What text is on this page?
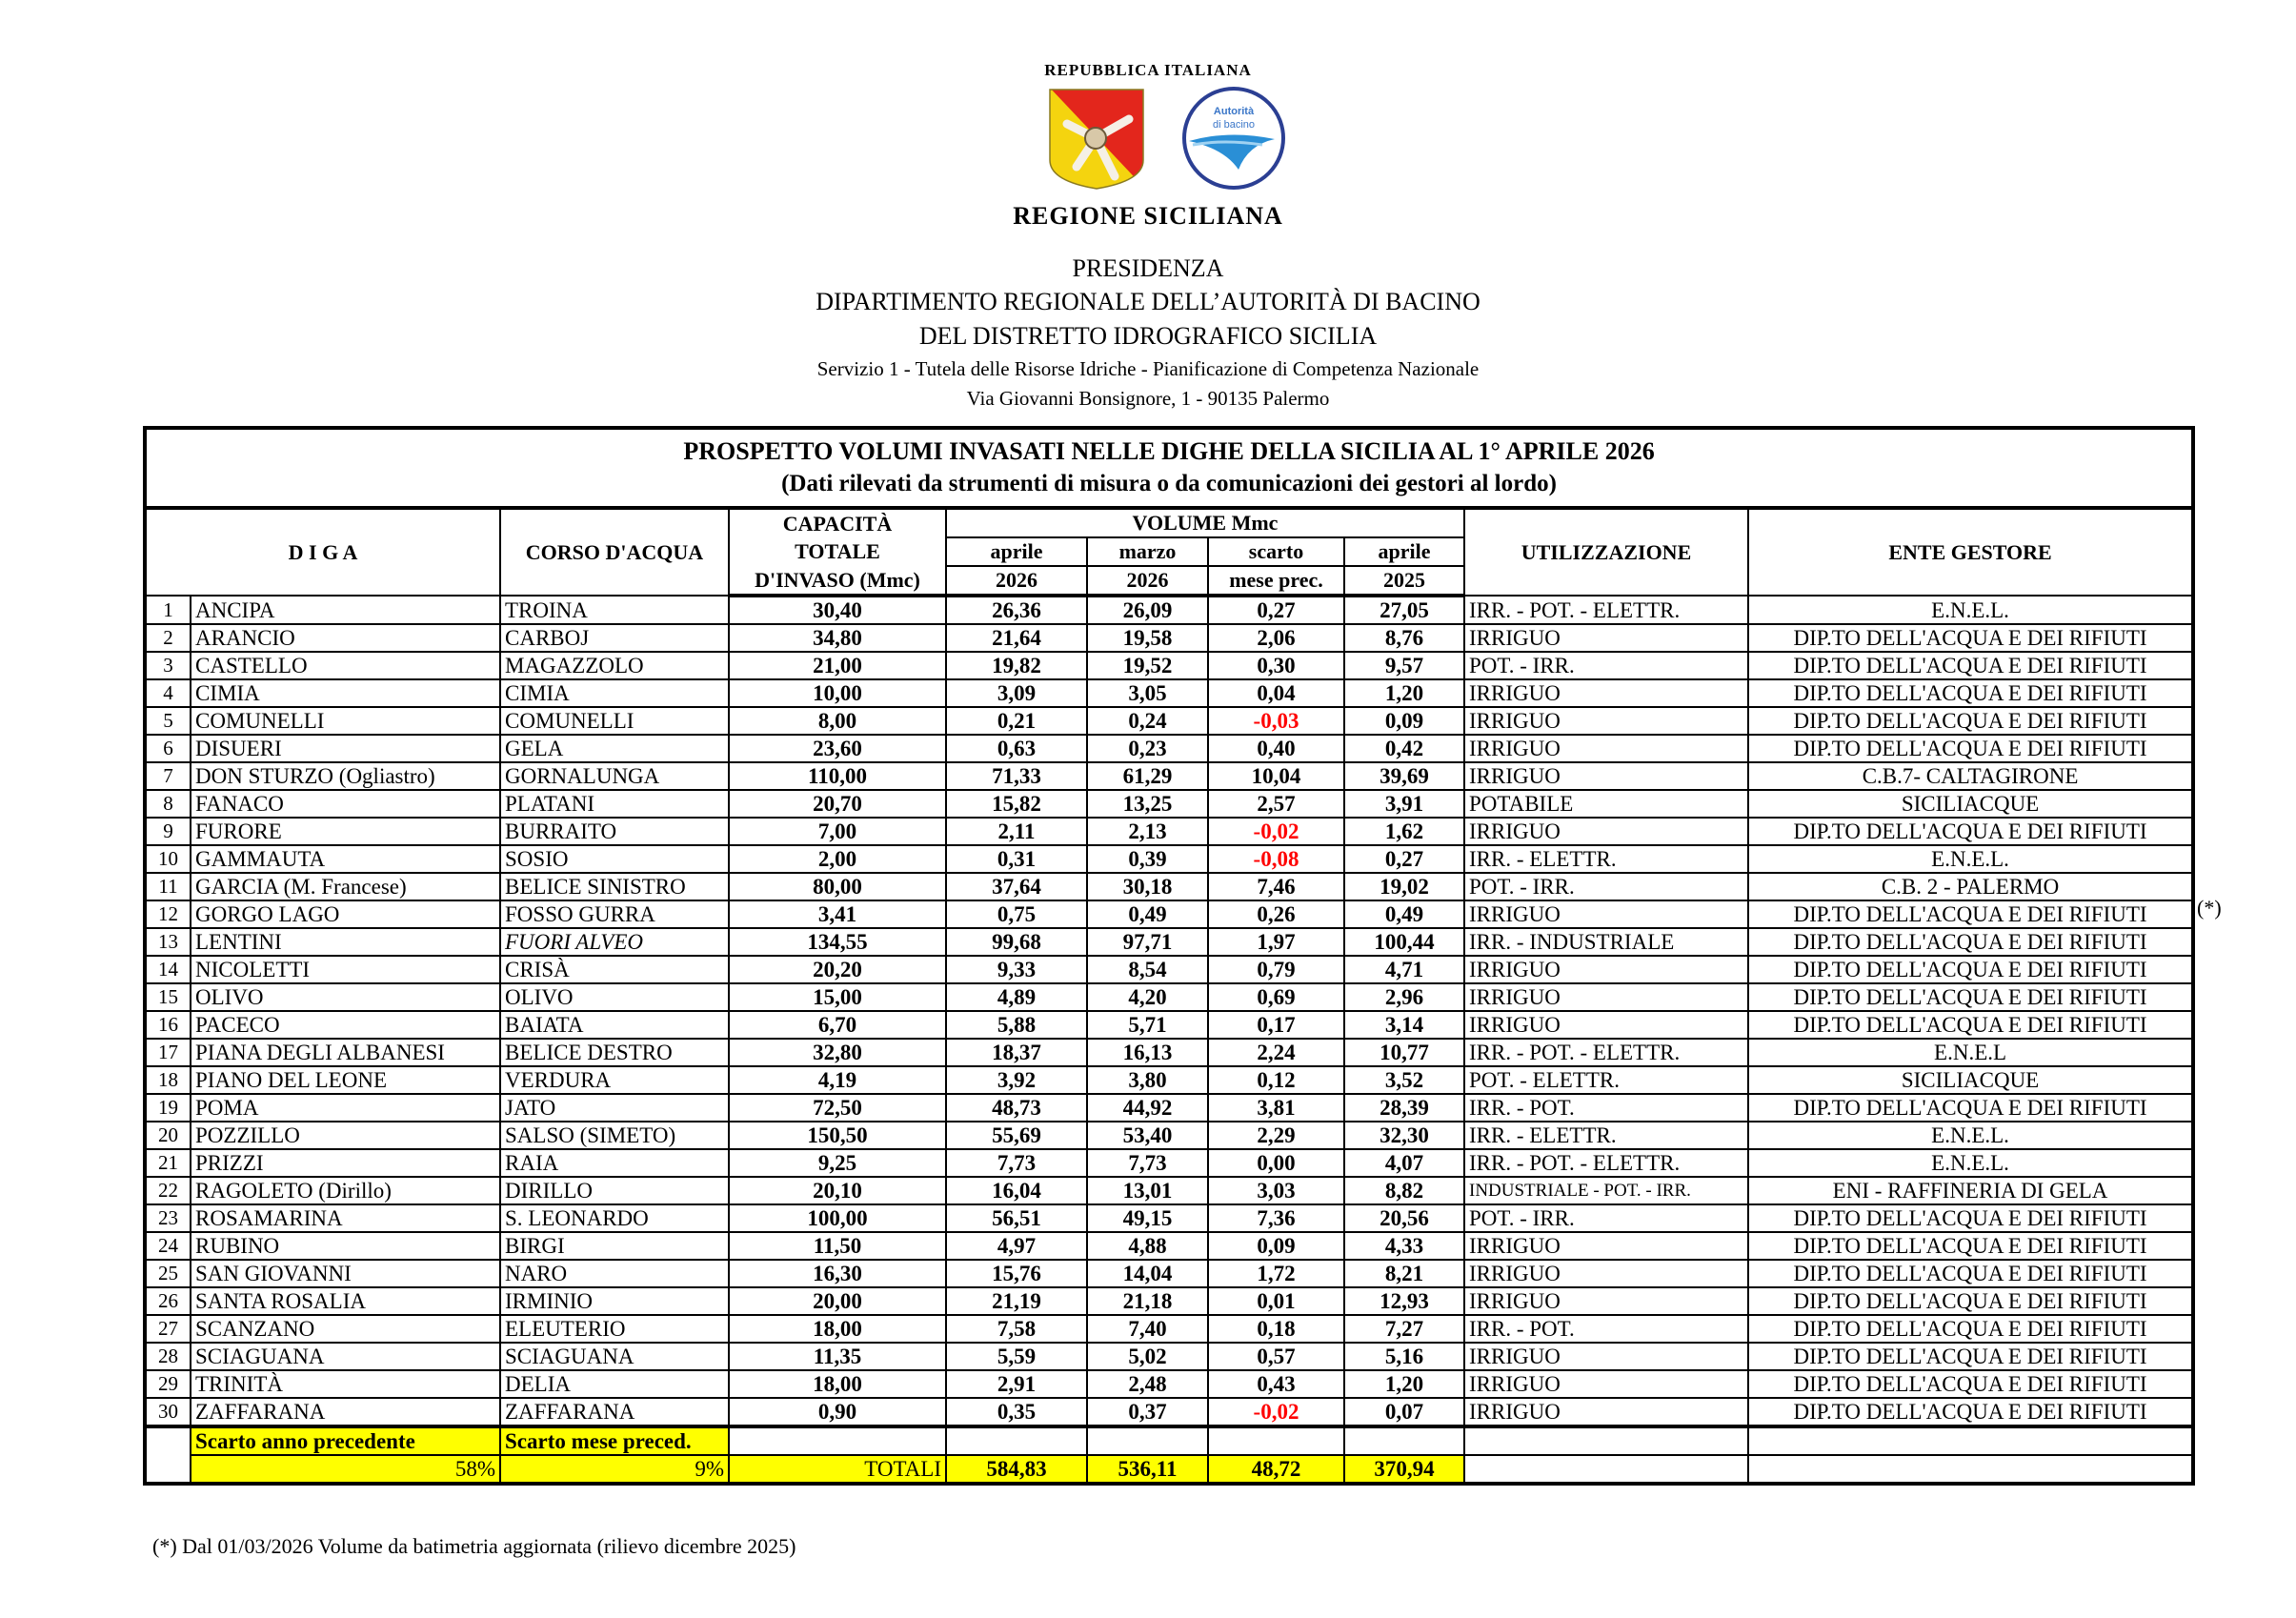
REPUBBLICA ITALIANA
Autorità
di bacino
REGIONE SICILIANA
PRESIDENZA
DIPARTIMENTO REGIONALE DELL’AUTORITÀ DI BACINO
DEL DISTRETTO IDROGRAFICO SICILIA
Servizio 1 - Tutela delle Risorse Idriche - Pianificazione di Competenza Nazionale
Via Giovanni Bonsignore, 1 - 90135 Palermo
PROSPETTO VOLUMI INVASATI NELLE DIGHE DELLA SICILIA AL 1° APRILE 2026
(Dati rilevati da strumenti di misura o da comunicazioni dei gestori al lordo)									

D I G A		CORSO D'ACQUA	CAPACITÀ	VOLUME Mmc				UTILIZZAZIONE	ENTE GESTORE
			TOTALE	aprile	marzo	scarto	aprile		
			D'INVASO (Mmc)	2026	2026	mese prec.	2025		
1	ANCIPA	TROINA	30,40	26,36	26,09	0,27	27,05	IRR. - POT. - ELETTR.	E.N.E.L.
2	ARANCIO	CARBOJ	34,80	21,64	19,58	2,06	8,76	IRRIGUO	DIP.TO DELL'ACQUA E DEI RIFIUTI
3	CASTELLO	MAGAZZOLO	21,00	19,82	19,52	0,30	9,57	POT. - IRR.	DIP.TO DELL'ACQUA E DEI RIFIUTI
4	CIMIA	CIMIA	10,00	3,09	3,05	0,04	1,20	IRRIGUO	DIP.TO DELL'ACQUA E DEI RIFIUTI
5	COMUNELLI	COMUNELLI	8,00	0,21	0,24	-0,03	0,09	IRRIGUO	DIP.TO DELL'ACQUA E DEI RIFIUTI
6	DISUERI	GELA	23,60	0,63	0,23	0,40	0,42	IRRIGUO	DIP.TO DELL'ACQUA E DEI RIFIUTI
7	DON STURZO (Ogliastro)	GORNALUNGA	110,00	71,33	61,29	10,04	39,69	IRRIGUO	C.B.7- CALTAGIRONE
8	FANACO	PLATANI	20,70	15,82	13,25	2,57	3,91	POTABILE	SICILIACQUE
9	FURORE	BURRAITO	7,00	2,11	2,13	-0,02	1,62	IRRIGUO	DIP.TO DELL'ACQUA E DEI RIFIUTI
10	GAMMAUTA	SOSIO	2,00	0,31	0,39	-0,08	0,27	IRR. - ELETTR.	E.N.E.L.
11	GARCIA (M. Francese)	BELICE SINISTRO	80,00	37,64	30,18	7,46	19,02	POT. - IRR.	C.B. 2 - PALERMO
12	GORGO LAGO	FOSSO GURRA	3,41	0,75	0,49	0,26	0,49	IRRIGUO	DIP.TO DELL'ACQUA E DEI RIFIUTI
13	LENTINI	FUORI ALVEO	134,55	99,68	97,71	1,97	100,44	IRR. - INDUSTRIALE	DIP.TO DELL'ACQUA E DEI RIFIUTI
14	NICOLETTI	CRISÀ	20,20	9,33	8,54	0,79	4,71	IRRIGUO	DIP.TO DELL'ACQUA E DEI RIFIUTI
15	OLIVO	OLIVO	15,00	4,89	4,20	0,69	2,96	IRRIGUO	DIP.TO DELL'ACQUA E DEI RIFIUTI
16	PACECO	BAIATA	6,70	5,88	5,71	0,17	3,14	IRRIGUO	DIP.TO DELL'ACQUA E DEI RIFIUTI
17	PIANA DEGLI ALBANESI	BELICE DESTRO	32,80	18,37	16,13	2,24	10,77	IRR. - POT. - ELETTR.	E.N.E.L
18	PIANO DEL LEONE	VERDURA	4,19	3,92	3,80	0,12	3,52	POT. - ELETTR.	SICILIACQUE
19	POMA	JATO	72,50	48,73	44,92	3,81	28,39	IRR. - POT.	DIP.TO DELL'ACQUA E DEI RIFIUTI
20	POZZILLO	SALSO (SIMETO)	150,50	55,69	53,40	2,29	32,30	IRR. - ELETTR.	E.N.E.L.
21	PRIZZI	RAIA	9,25	7,73	7,73	0,00	4,07	IRR. - POT. - ELETTR.	E.N.E.L.
22	RAGOLETO (Dirillo)	DIRILLO	20,10	16,04	13,01	3,03	8,82	INDUSTRIALE - POT. - IRR.	ENI - RAFFINERIA DI GELA
23	ROSAMARINA	S. LEONARDO	100,00	56,51	49,15	7,36	20,56	POT. - IRR.	DIP.TO DELL'ACQUA E DEI RIFIUTI
24	RUBINO	BIRGI	11,50	4,97	4,88	0,09	4,33	IRRIGUO	DIP.TO DELL'ACQUA E DEI RIFIUTI
25	SAN GIOVANNI	NARO	16,30	15,76	14,04	1,72	8,21	IRRIGUO	DIP.TO DELL'ACQUA E DEI RIFIUTI
26	SANTA ROSALIA	IRMINIO	20,00	21,19	21,18	0,01	12,93	IRRIGUO	DIP.TO DELL'ACQUA E DEI RIFIUTI
27	SCANZANO	ELEUTERIO	18,00	7,58	7,40	0,18	7,27	IRR. - POT.	DIP.TO DELL'ACQUA E DEI RIFIUTI
28	SCIAGUANA	SCIAGUANA	11,35	5,59	5,02	0,57	5,16	IRRIGUO	DIP.TO DELL'ACQUA E DEI RIFIUTI
29	TRINITÀ	DELIA	18,00	2,91	2,48	0,43	1,20	IRRIGUO	DIP.TO DELL'ACQUA E DEI RIFIUTI
30	ZAFFARANA	ZAFFARANA	0,90	0,35	0,37	-0,02	0,07	IRRIGUO	DIP.TO DELL'ACQUA E DEI RIFIUTI
	Scarto anno precedente	Scarto mese preced.							
	58%	9%	TOTALI	584,83	536,11	48,72	370,94		
(*)
(*) Dal 01/03/2026 Volume da batimetria aggiornata (rilievo dicembre 2025)
